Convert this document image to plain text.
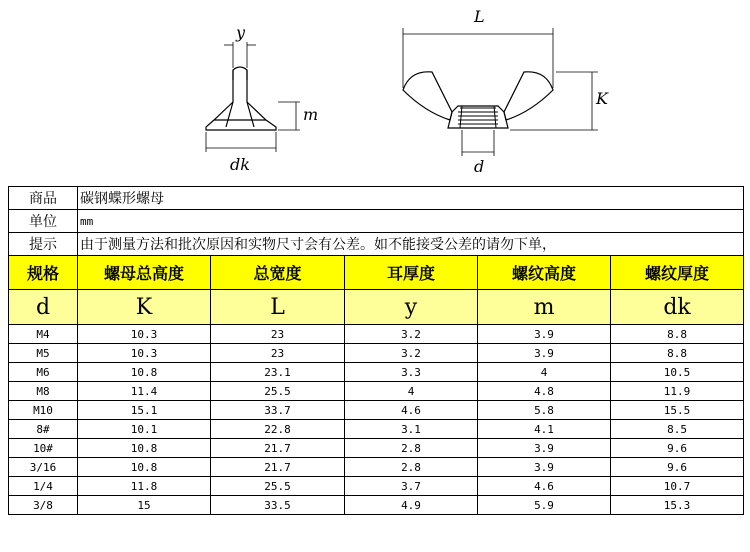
y
m
dk
L
K
d
商品	碳钢蝶形螺母				
单位	mm				
提示	由于测量方法和批次原因和实物尺寸会有公差。如不能接受公差的请勿下单，				
规格	螺母总高度	总宽度	耳厚度	螺纹高度	螺纹厚度
d	K	L	y	m	dk
M4	10.3	23	3.2	3.9	8.8
M5	10.3	23	3.2	3.9	8.8
M6	10.8	23.1	3.3	4	10.5
M8	11.4	25.5	4	4.8	11.9
M10	15.1	33.7	4.6	5.8	15.5
8#	10.1	22.8	3.1	4.1	8.5
10#	10.8	21.7	2.8	3.9	9.6
3/16	10.8	21.7	2.8	3.9	9.6
1/4	11.8	25.5	3.7	4.6	10.7
3/8	15	33.5	4.9	5.9	15.3
